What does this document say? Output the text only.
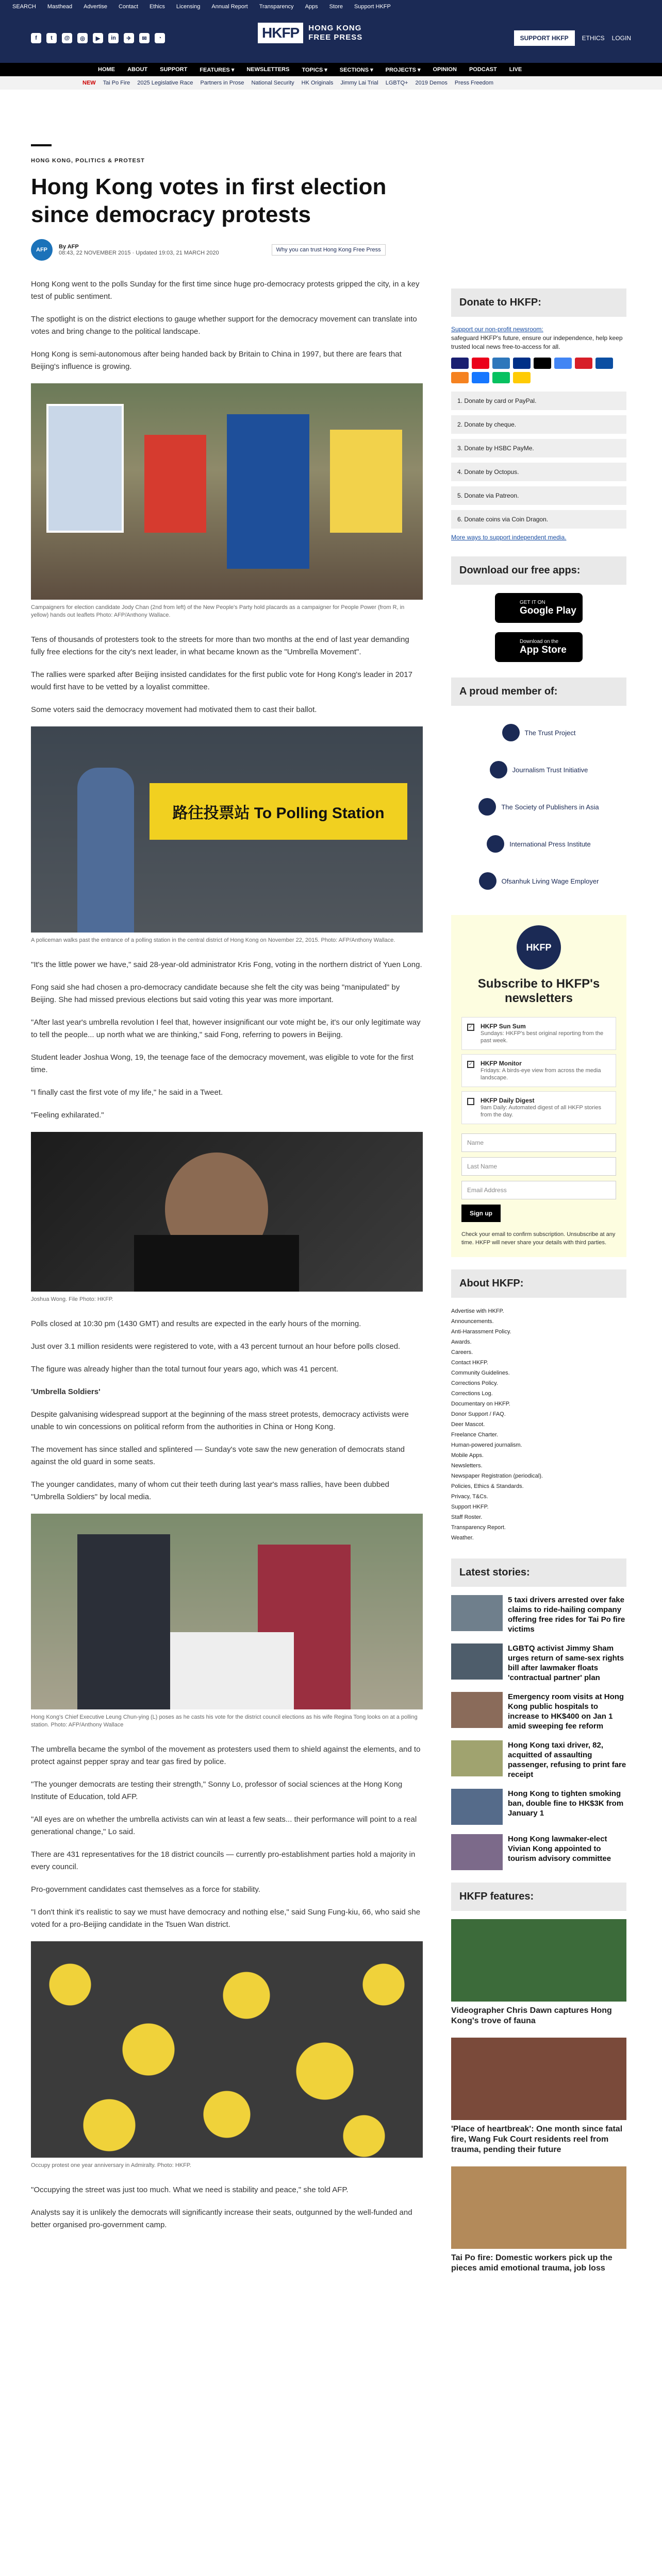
SEARCH Masthead Advertise Contact Ethics Licensing Annual Report Transparency Apps Store Support HKFP
f	t	@	◎	▶	in	✈	✉	◔	HKFP	HONG KONG
FREE PRESS	SUPPORT HKFP	ETHICS LOGIN
HOME ABOUT SUPPORT FEATURES ▾ NEWSLETTERS TOPICS ▾ SECTIONS ▾ PROJECTS ▾ OPINION PODCAST LIVE
NEW Tai Po Fire 2025 Legislative Race Partners in Prose National Security HK Originals Jimmy Lai Trial LGBTQ+ 2019 Demos Press Freedom
HONG KONG, POLITICS & PROTEST
Hong Kong votes in first election since democracy protests
AFP	By AFP
08:43, 22 NOVEMBER 2015 · Updated 19:03, 21 MARCH 2020	Why you can trust Hong Kong Free Press

Hong Kong went to the polls Sunday for the first time since huge pro-democracy protests gripped the city, in a key test of public sentiment.

The spotlight is on the district elections to gauge whether support for the democracy movement can translate into votes and bring change to the political landscape.

Hong Kong is semi-autonomous after being handed back by Britain to China in 1997, but there are fears that Beijing's influence is growing.

Campaigners for election candidate Jody Chan (2nd from left) of the New People's Party hold placards as a campaigner for People Power (from R, in yellow) hands out leaflets Photo: AFP/Anthony Wallace.

Tens of thousands of protesters took to the streets for more than two months at the end of last year demanding fully free elections for the city's next leader, in what became known as the "Umbrella Movement".

The rallies were sparked after Beijing insisted candidates for the first public vote for Hong Kong's leader in 2017 would first have to be vetted by a loyalist committee.

Some voters said the democracy movement had motivated them to cast their ballot.

路往投票站 To Polling Station
A policeman walks past the entrance of a polling station in the central district of Hong Kong on November 22, 2015. Photo: AFP/Anthony Wallace.

"It's the little power we have," said 28-year-old administrator Kris Fong, voting in the northern district of Yuen Long.

Fong said she had chosen a pro-democracy candidate because she felt the city was being "manipulated" by Beijing. She had missed previous elections but said voting this year was more important.

"After last year's umbrella revolution I feel that, however insignificant our vote might be, it's our only legitimate way to tell the people... up north what we are thinking," said Fong, referring to powers in Beijing.

Student leader Joshua Wong, 19, the teenage face of the democracy movement, was eligible to vote for the first time.

"I finally cast the first vote of my life," he said in a Tweet.

"Feeling exhilarated."

Joshua Wong. File Photo: HKFP.

Polls closed at 10:30 pm (1430 GMT) and results are expected in the early hours of the morning.

Just over 3.1 million residents were registered to vote, with a 43 percent turnout an hour before polls closed.

The figure was already higher than the total turnout four years ago, which was 41 percent.

'Umbrella Soldiers'

Despite galvanising widespread support at the beginning of the mass street protests, democracy activists were unable to win concessions on political reform from the authorities in China or Hong Kong.

The movement has since stalled and splintered — Sunday's vote saw the new generation of democrats stand against the old guard in some seats.

The younger candidates, many of whom cut their teeth during last year's mass rallies, have been dubbed "Umbrella Soldiers" by local media.

Hong Kong's Chief Executive Leung Chun-ying (L) poses as he casts his vote for the district council elections as his wife Regina Tong looks on at a polling station. Photo: AFP/Anthony Wallace

The umbrella became the symbol of the movement as protesters used them to shield against the elements, and to protect against pepper spray and tear gas fired by police.

"The younger democrats are testing their strength," Sonny Lo, professor of social sciences at the Hong Kong Institute of Education, told AFP.

"All eyes are on whether the umbrella activists can win at least a few seats... their performance will point to a real generational change," Lo said.

There are 431 representatives for the 18 district councils — currently pro-establishment parties hold a majority in every council.

Pro-government candidates cast themselves as a force for stability.

"I don't think it's realistic to say we must have democracy and nothing else," said Sung Fung-kiu, 66, who said she voted for a pro-Beijing candidate in the Tsuen Wan district.

Occupy protest one year anniversary in Admiralty. Photo: HKFP.

"Occupying the street was just too much. What we need is stability and peace," she told AFP.

Analysts say it is unlikely the democrats will significantly increase their seats, outgunned by the well-funded and better organised pro-government camp.

Donate to HKFP:
Support our non-profit newsroom:
safeguard HKFP's future, ensure our independence, help keep trusted local news free-to-access for all.
1. Donate by card or PayPal.
2. Donate by cheque.
3. Donate by HSBC PayMe.
4. Donate by Octopus.
5. Donate via Patreon.
6. Donate coins via Coin Dragon.
More ways to support independent media.
Download our free apps:
GET IT ON
Google Play
Download on the
App Store
A proud member of:
The Trust Project
Journalism Trust Initiative
The Society of Publishers in Asia
International Press Institute
Ofsanhuk Living Wage Employer
HKFP
Subscribe to HKFP's newsletters
✓ HKFP Sun Sum
Sundays: HKFP's best original reporting from the past week.
✓ HKFP Monitor
Fridays: A birds-eye view from across the media landscape.
HKFP Daily Digest
9am Daily: Automated digest of all HKFP stories from the day.
Name
Last Name
Email Address
Sign up
Check your email to confirm subscription. Unsubscribe at any time. HKFP will never share your details with third parties.
About HKFP:
Advertise with HKFP.
Announcements.
Anti-Harassment Policy.
Awards.
Careers.
Contact HKFP.
Community Guidelines.
Corrections Policy.
Corrections Log.
Documentary on HKFP.
Donor Support / FAQ.
Deer Mascot.
Freelance Charter.
Human-powered journalism.
Mobile Apps.
Newsletters.
Newspaper Registration (periodical).
Policies, Ethics & Standards.
Privacy, T&Cs.
Support HKFP.
Staff Roster.
Transparency Report.
Weather.
Latest stories:
5 taxi drivers arrested over fake claims to ride-hailing company offering free rides for Tai Po fire victims
LGBTQ activist Jimmy Sham urges return of same-sex rights bill after lawmaker floats 'contractual partner' plan
Emergency room visits at Hong Kong public hospitals to increase to HK$400 on Jan 1 amid sweeping fee reform
Hong Kong taxi driver, 82, acquitted of assaulting passenger, refusing to print fare receipt
Hong Kong to tighten smoking ban, double fine to HK$3K from January 1
Hong Kong lawmaker-elect Vivian Kong appointed to tourism advisory committee
HKFP features:
Videographer Chris Dawn captures Hong Kong's trove of fauna
'Place of heartbreak': One month since fatal fire, Wang Fuk Court residents reel from trauma, pending their future
Tai Po fire: Domestic workers pick up the pieces amid emotional trauma, job loss
